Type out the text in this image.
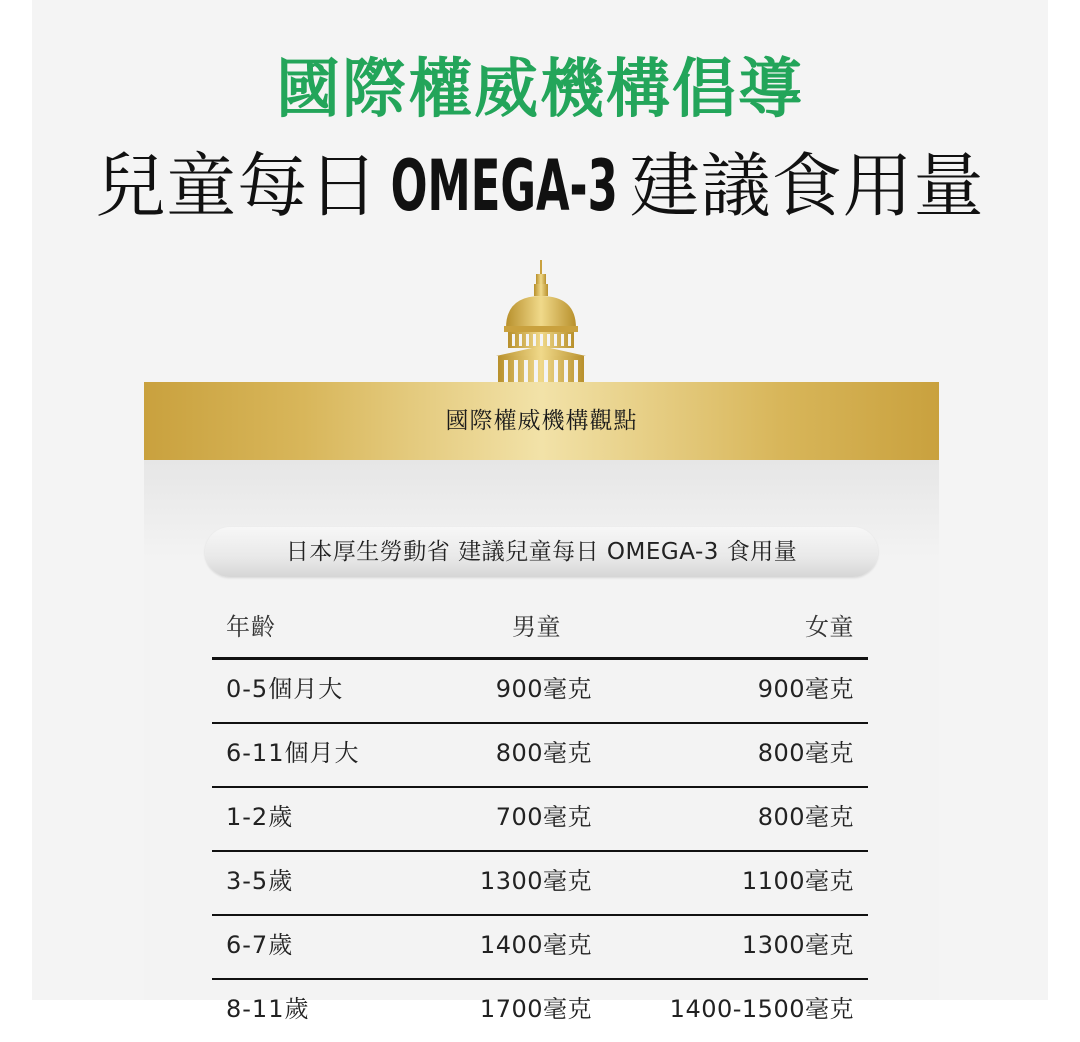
國際權威機構倡導
兒童每日 OMEGA-3 建議食用量
國際權威機構觀點
日本厚生勞動省 建議兒童每日 OMEGA-3 食用量
年齡	男童	女童
0-5個月大	900毫克	900毫克
6-11個月大	800毫克	800毫克
1-2歲	700毫克	800毫克
3-5歲	1300毫克	1100毫克
6-7歲	1400毫克	1300毫克
8-11歲	1700毫克	1400-1500毫克
